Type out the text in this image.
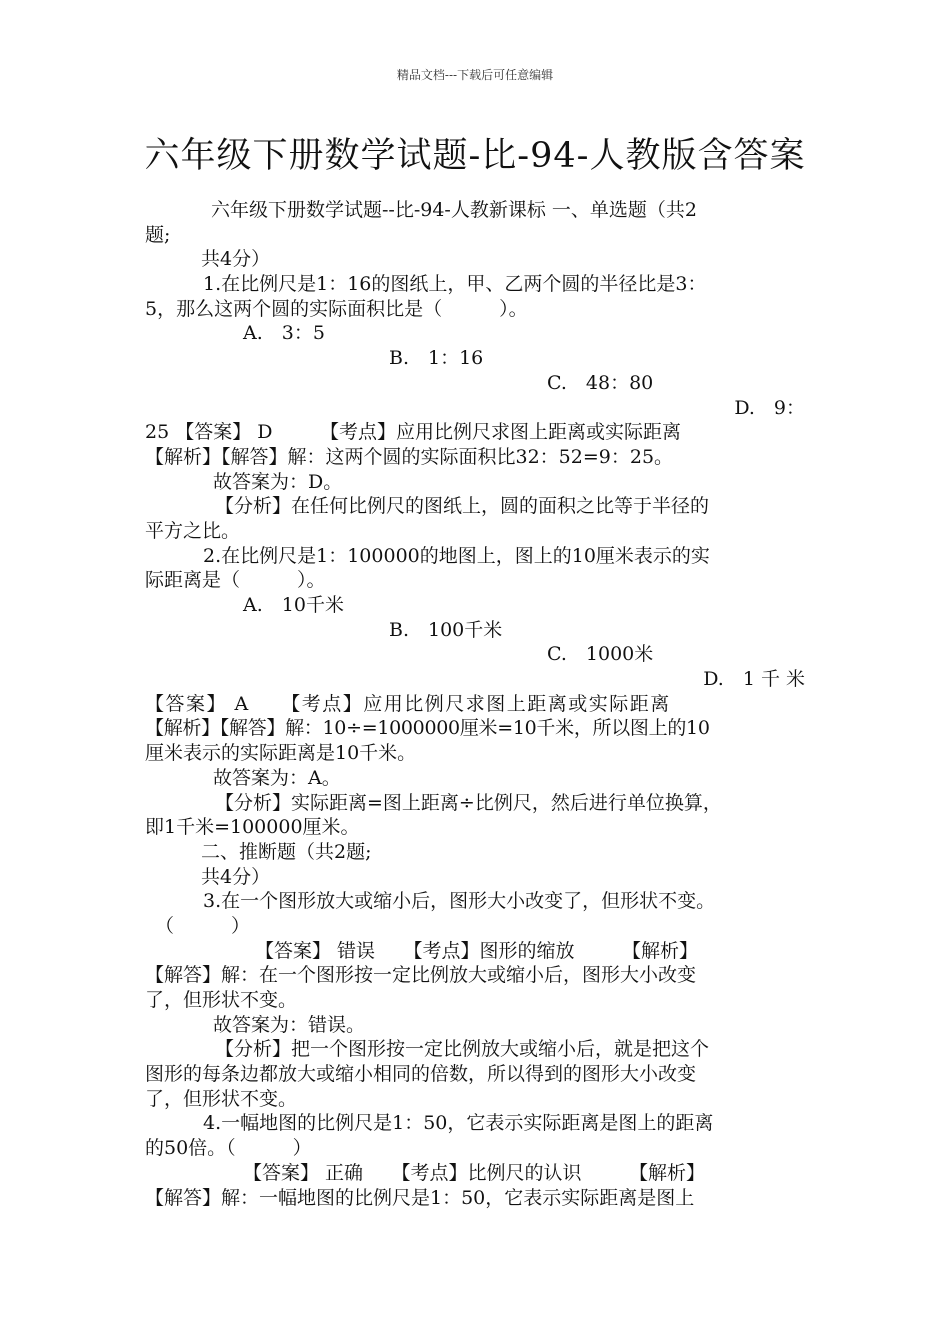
精品文档---下载后可任意编辑
六年级下册数学试题-比-94-人教版含答案
六年级下册数学试题--比-94-人教新课标 一、单选题（共2
题;
共4分）
1.在比例尺是1：16的图纸上，甲、乙两个圆的半径比是3：
5，那么这两个圆的实际面积比是（　　　）。
A.　3：5
B.　1：16
C.　48：80
D.　9：
25 【答案】 D　　　【考点】应用比例尺求图上距离或实际距离
【解析】【解答】解：这两个圆的实际面积比32：52=9：25。
故答案为：D。
【分析】在任何比例尺的图纸上，圆的面积之比等于半径的
平方之比。
2.在比例尺是1：100000的地图上，图上的10厘米表示的实
际距离是（　　　）。
A.　10千米
B.　100千米
C.　1000米
D.　1 千 米
【答案】 A　　【考点】应用比例尺求图上距离或实际距离
【解析】【解答】解：10÷=1000000厘米=10千米，所以图上的10
厘米表示的实际距离是10千米。
故答案为：A。
【分析】实际距离=图上距离÷比例尺，然后进行单位换算，
即1千米=100000厘米。
二、推断题（共2题;
共4分）
3.在一个图形放大或缩小后，图形大小改变了，但形状不变。
（　　　）
【答案】 错误　　【考点】图形的缩放　　　【解析】
【解答】解：在一个图形按一定比例放大或缩小后，图形大小改变
了，但形状不变。
故答案为：错误。
【分析】把一个图形按一定比例放大或缩小后，就是把这个
图形的每条边都放大或缩小相同的倍数，所以得到的图形大小改变
了，但形状不变。
4.一幅地图的比例尺是1：50，它表示实际距离是图上的距离
的50倍。（　　　）
【答案】 正确　　【考点】比例尺的认识　　　【解析】
【解答】解：一幅地图的比例尺是1：50，它表示实际距离是图上
